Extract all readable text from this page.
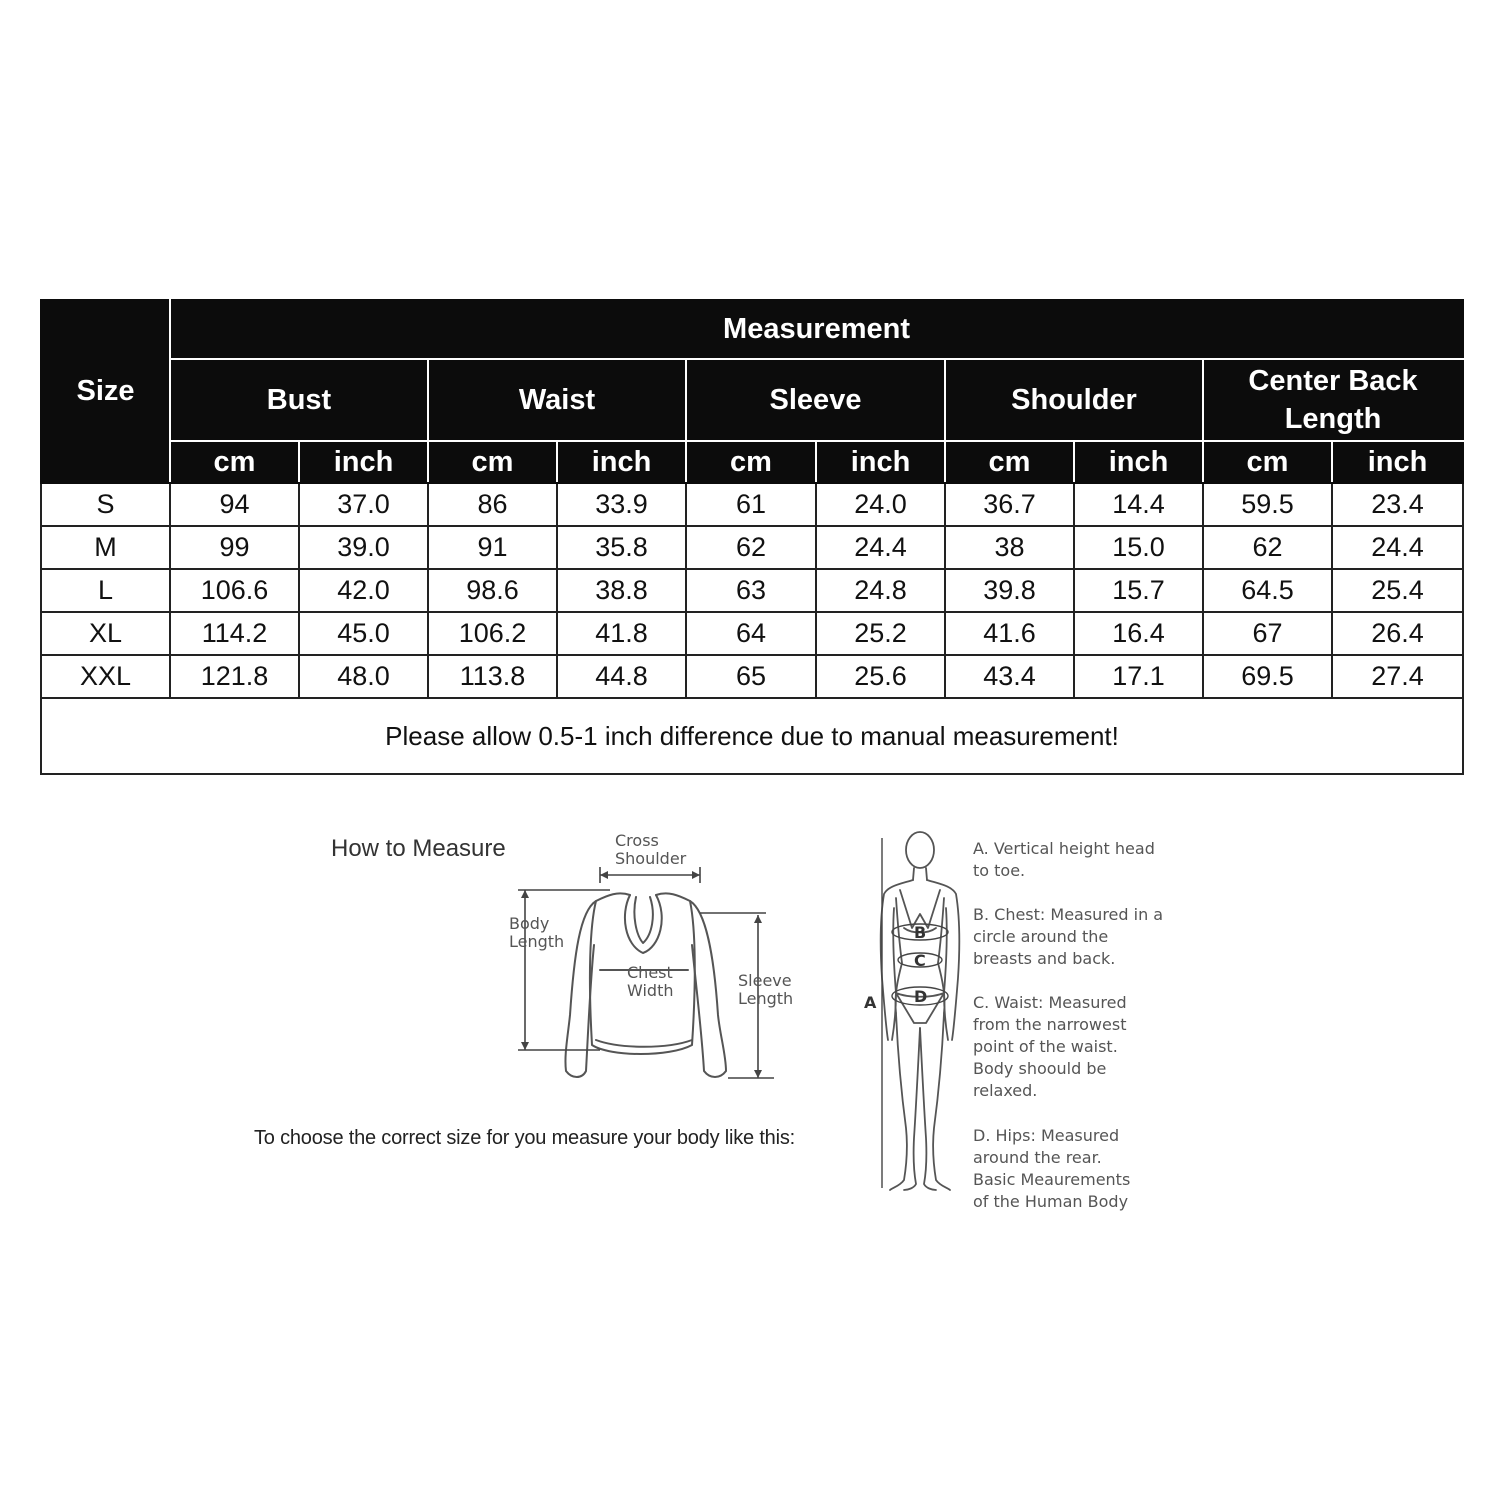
Size	Measurement									
	Bust		Waist		Sleeve		Shoulder		Center Back
Length	
	cm	inch	cm	inch	cm	inch	cm	inch	cm	inch
S	94	37.0	86	33.9	61	24.0	36.7	14.4	59.5	23.4
M	99	39.0	91	35.8	62	24.4	38	15.0	62	24.4
L	106.6	42.0	98.6	38.8	63	24.8	39.8	15.7	64.5	25.4
XL	114.2	45.0	106.2	41.8	64	25.2	41.6	16.4	67	26.4
XXL	121.8	48.0	113.8	44.8	65	25.6	43.4	17.1	69.5	27.4
Please allow 0.5-1 inch difference due to manual measurement!										

How to Measure	Cross
Shoulder
Body
Length
Chest
Width
Sleeve
Length

To choose the correct size for you measure your body like this:

A
B
C
D

A. Vertical height head
to toe.

B. Chest: Measured in a
circle around the
breasts and back.

C. Waist: Measured
from the narrowest
point of the waist.
Body shoould be
relaxed.

D. Hips: Measured
around the rear.
Basic Meaurements
of the Human Body
